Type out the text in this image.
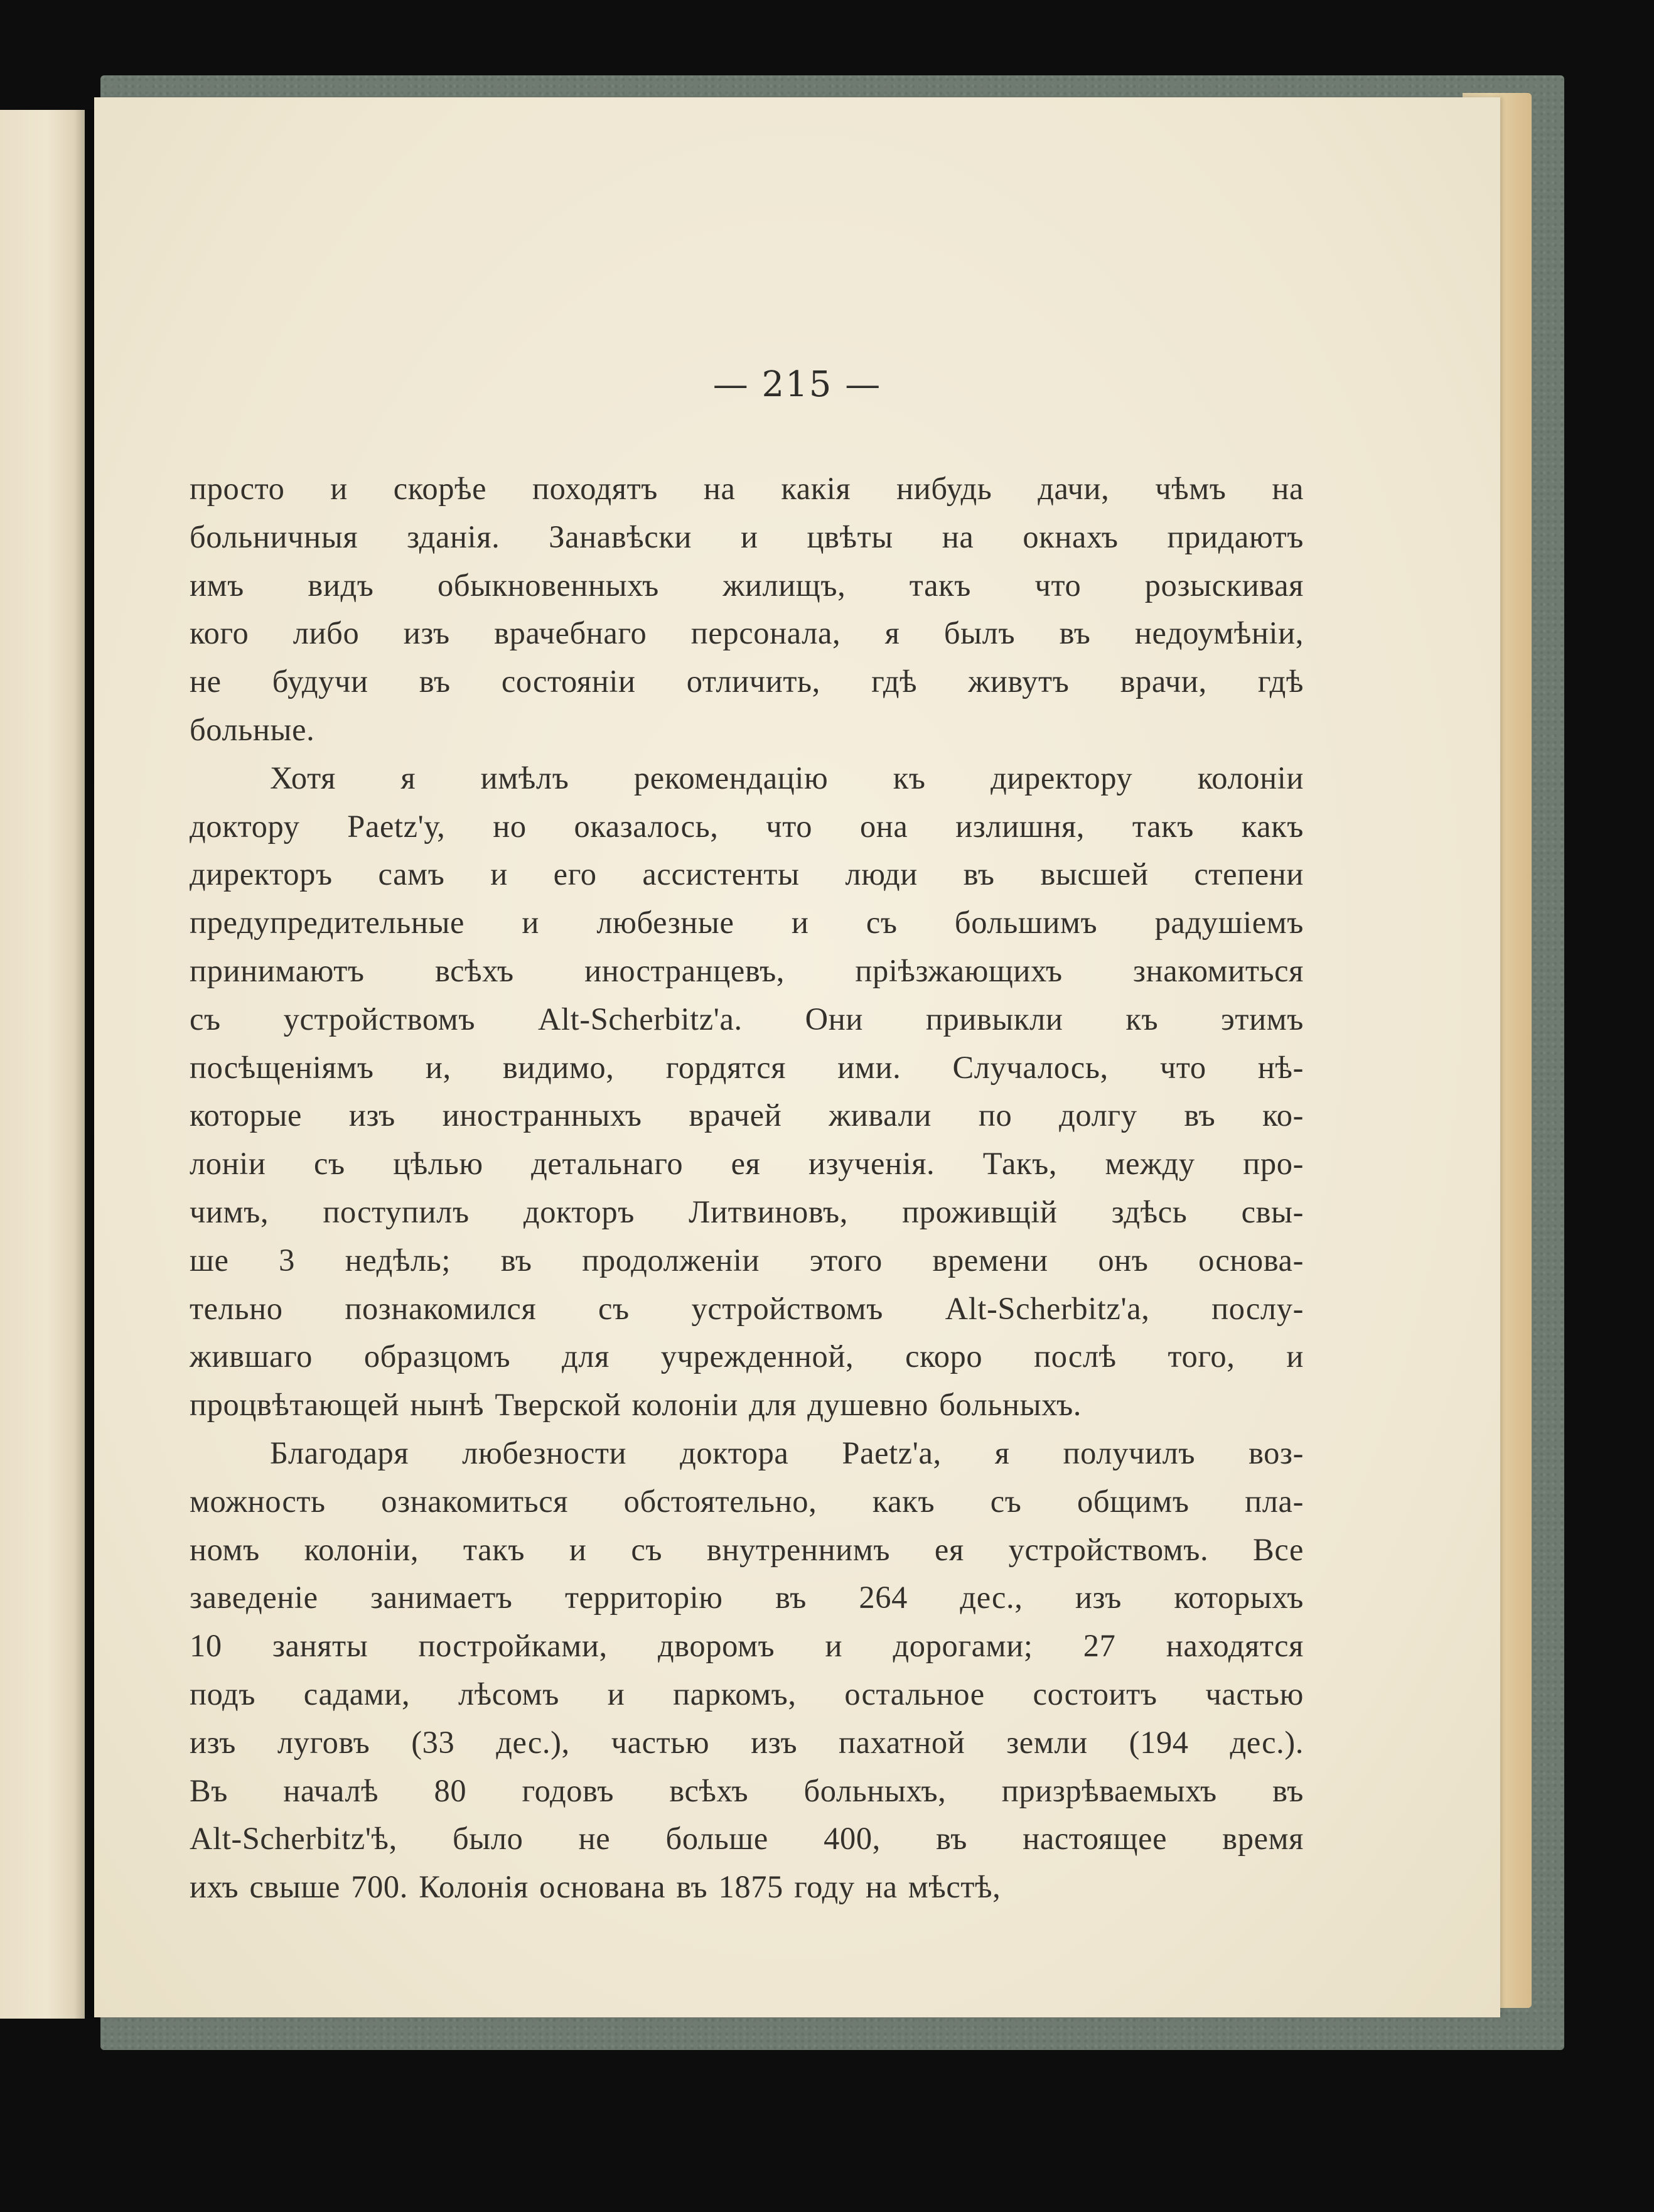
— 215 —
просто и скорѣе походятъ на какія нибудь дачи, чѣмъ на
больничныя зданія. Занавѣски и цвѣты на окнахъ придаютъ
имъ видъ обыкновенныхъ жилищъ, такъ что розыскивая
кого либо изъ врачебнаго персонала, я былъ въ недоумѣніи,
не будучи въ состояніи отличить, гдѣ живутъ врачи, гдѣ
больные.
Хотя я имѣлъ рекомендацію къ директору колоніи
доктору Paetz'у, но оказалось, что она излишня, такъ какъ
директоръ самъ и его ассистенты люди въ высшей степени
предупредительные и любезные и съ большимъ радушіемъ
принимаютъ всѣхъ иностранцевъ, пріѣзжающихъ знакомиться
съ устройствомъ Alt-Scherbitz'a. Они привыкли къ этимъ
посѣщеніямъ и, видимо, гордятся ими. Случалось, что нѣ-
которые изъ иностранныхъ врачей живали по долгу въ ко-
лоніи съ цѣлью детальнаго ея изученія. Такъ, между про-
чимъ, поступилъ докторъ Литвиновъ, проживщій здѣсь свы-
ше 3 недѣль; въ продолженіи этого времени онъ основа-
тельно познакомился съ устройствомъ Alt-Scherbitz'a, послу-
жившаго образцомъ для учрежденной, скоро послѣ того, и
процвѣтающей нынѣ Тверской колоніи для душевно больныхъ.
Благодаря любезности доктора Paetz'a, я получилъ воз-
можность ознакомиться обстоятельно, какъ съ общимъ пла-
номъ колоніи, такъ и съ внутреннимъ ея устройствомъ. Все
заведеніе занимаетъ территорію въ 264 дес., изъ которыхъ
10 заняты постройками, дворомъ и дорогами; 27 находятся
подъ садами, лѣсомъ и паркомъ, остальное состоитъ частью
изъ луговъ (33 дес.), частью изъ пахатной земли (194 дес.).
Въ началѣ 80 годовъ всѣхъ больныхъ, призрѣваемыхъ въ
Alt-Scherbitz'ѣ, было не больше 400, въ настоящее время
ихъ свыше 700. Колонія основана въ 1875 году на мѣстѣ,
